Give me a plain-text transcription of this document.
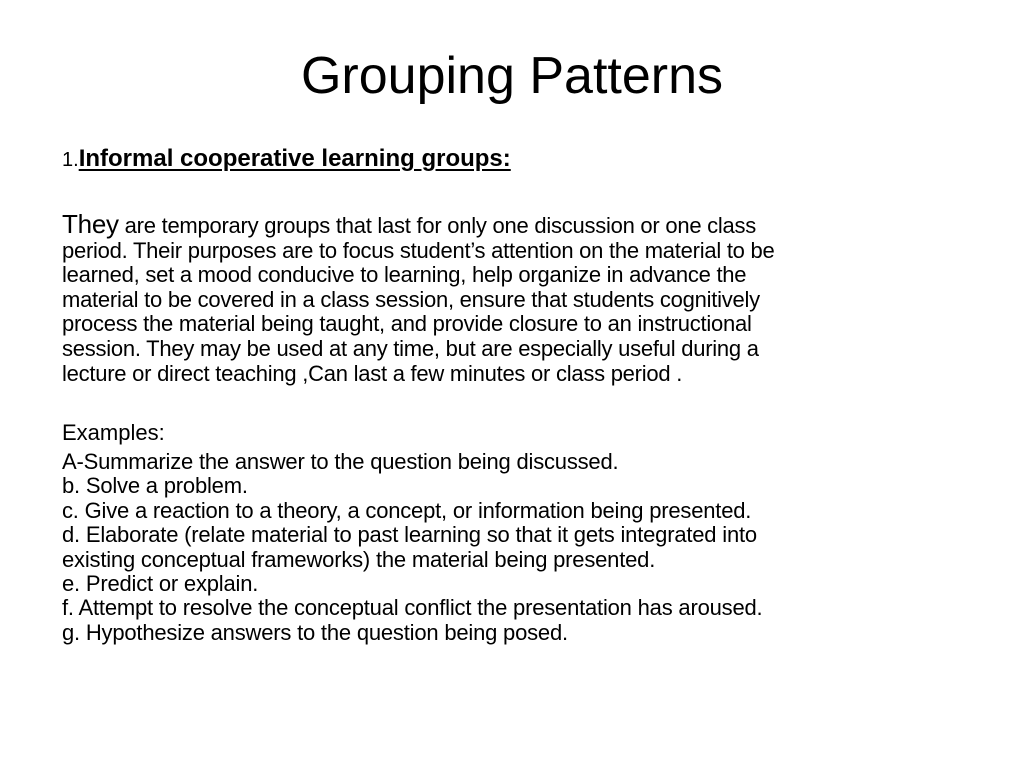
Grouping Patterns
1.Informal cooperative learning groups:
They are temporary groups that last for only one discussion or one class
period. Their purposes are to focus student’s attention on the material to be
learned, set a mood conducive to learning, help organize in advance the
material to be covered in a class session, ensure that students cognitively
process the material being taught, and provide closure to an instructional
session. They may be used at any time, but are especially useful during a
lecture or direct teaching ,Can last a few minutes or class period .
Examples:
A-Summarize the answer to the question being discussed.
b. Solve a problem.
c. Give a reaction to a theory, a concept, or information being presented.
d. Elaborate (relate material to past learning so that it gets integrated into
existing conceptual frameworks) the material being presented.
e. Predict or explain.
f. Attempt to resolve the conceptual conflict the presentation has aroused.
g. Hypothesize answers to the question being posed.
